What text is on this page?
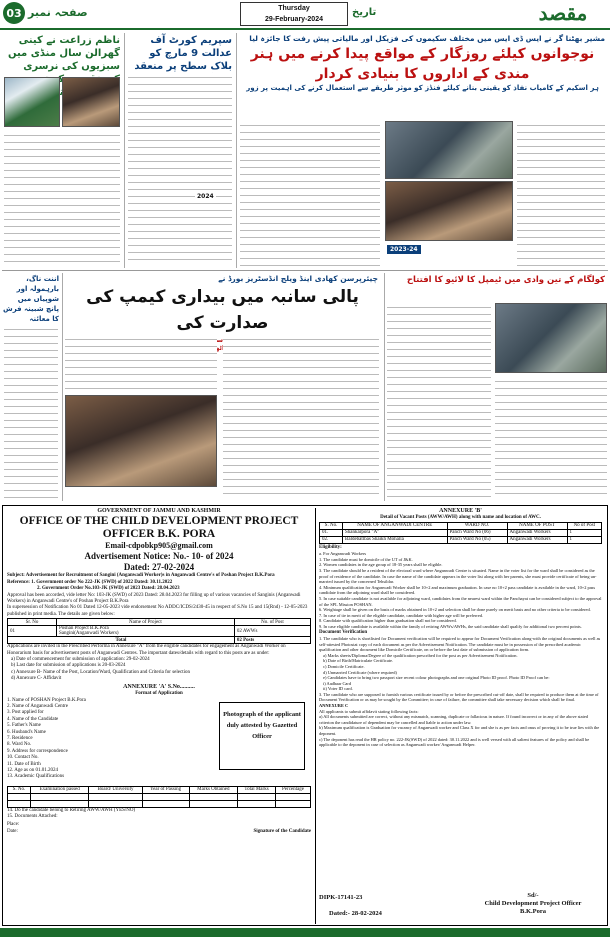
03 صفحہ نمبر	Thursday
29-February-2024
تاریخ	مقصد
ناظم زراعت نے کینی گھرالن سال منڈی میں سبزیوں کی نرسری
سپریم کورٹ آف عدالت 9 مارچ کو بلاک سطح پر منعقد
2024
مشیر بھٹنا گر نے ایس ڈی ایس میں مختلف سکیموں کی فزیکل اور مالیاتی پیش رفت کا جائزہ لیا
نوجوانوں کیلئے روزگار کے مواقع پیدا کرنے میں ہنر مندی کے اداروں کا بنیادی کردار
ہر اسکیم کے کامیاب نفاذ کو یقینی بنانے کیلئے فنڈز کو موثر طریقے سے استعمال کرنے کی اہمیت پر زور
2023-24
اننت ناگ، بارہمولہ اور شوپیاں میں پانچ شبینہ فرش کا معائنہ
چیئرپرسن کھادی اینڈ ویلج انڈسٹریز بورڈ نے
پالی سانبہ میں بیداری کیمپ کی صدارت کی
کولگام کے تین وادی میں ٹیمپل کا لائیو کا افتتاح
GOVERNMENT OF JAMMU AND KASHMIR
OFFICE OF THE CHILD DEVELOPMENT PROJECT OFFICER B.K. PORA
Email-cdpobkp905@gmail.com
Advertisement Notice: No.- 10- of 2024
Dated: 27-02-2024
Subject: Advertisement for Recruitment of Sangini (Anganwadi Worker)s in Anganwadi Centre's of Poshan Project B.K.Pora
Reference: 1. Government order No 222-JK (SWD) of 2022 Dated: 30.11.2022
2. Government Order No.103-JK (SWD) of 2023 Dated: 28.04.2023
Approval has been accorded, vide letter No: 103-JK (SWD) of 2023 Dated: 28.04.2023 for filling up of various vacancies of Sanginis (Anganwadi Workers) in Anganwadi Centre's of Poshan Project B.K.Pora
In supersession of Notification No 01 Dated 12-05-2023 vide endorsement No ADDC/ICDS/2430-45 in respect of S.No 15 and 15(Rnd) - 12-05-2023 published in print media. The details are given below:
Sr. No	Name of Project	No. of Post
01	Poshan Project B.K.Pora
Sangini(Anganwadi Workers)	02 AWWs
Total		02 Posts
Applications are invited in the Prescribed Performa in Annexure "A" from the eligible candidates for engagement as Anganwadi Worker on Honorarium basis for advertisement posts of Anganwadi Centres. The important dates/details with regard to this posts are as under:
a) Date of commencement for submission of application: 29-02-2024
b) Last date for submission of applications is 20-03-2024
c) Annexure B- Name of the Post, Location/Ward, Qualification and Criteria for selection
d) Annexure C- Affidavit
ANNEXURE 'A' S.No..........
Format of Application
1. Name of POSHAN Project B.K.Pora
2. Name of Anganwadi Centre
3. Post applied for
4. Name of the Candidate
5. Father's Name
6. Husband's Name
7. Residence
8. Ward No.
9. Address for correspondence
10. Contact No.
11. Date of Birth
12. Age as on 01.01.2024
13. Academic Qualifications
Photograph of the applicant duly attested by Gazetted Officer
S. No.	Examination passed	Board/ University	Year of Passing	Marks Obtained	Total Marks	Percentage

14. Do the candidate belong to Retiring AWW/AWH (YES/NO)
15. Documents Attached:
Place:
Date:	Signature of the Candidate
ANNEXURE 'B'
Detail of Vacant Posts (AWW/AWH) along with name and location of AWC.
S. No.	NAME OF ANGANWADI CENTRE	WARD NO.	NAME OF POST	No of Post
01.	Shankarpora "A"	Panch Ward No (06)	Anganwadi Workers	1
02.	Baldebatlbas Shaikh Mohalla	Panch Ward No (05)	Anganwadi Workers	1
Eligibility:
a. For Anganwadi Workers
1. The candidate must be domicile of the UT of J&K.
2. Women candidates in the age group of 18-35 years shall be eligible.
3. The candidate should be a resident of the electoral ward where Anganwadi Centre is situated. Name in the voter list for the ward shall be considered as the proof of residence of the candidate. In case the name of the candidate appears in the voter list along with her parents, she must provide certificate of being un-married issued by the concerned Tehsildar.
4. Minimum qualification for Anganwadi Worker shall be 10+2 and maximum graduation. In case no 10+2 pass candidate is available in the ward, 10+2 pass candidate from the adjoining ward shall be considered.
5. In case suitable candidate is not available for adjoining ward, candidates from the nearest ward within the Panchayat can be considered subject to the approval of the SPL Mission POSHAN.
6. Weightage shall be given on the basis of marks obtained in 10+2 and selection shall be done purely on merit basis and no other criteria to be considered.
7. In case of tie in merit of the eligible candidate, candidate with higher age will be preferred.
8. Candidate with qualification higher than graduation shall not be considered.
9. In case eligible candidate is available within the family of retiring AWWs/AWHs, the said candidate shall qualify for additional two percent points.
Document Verification
1. The candidate who is shortlisted for Document verification will be required to appear for Document Verification along-with the original documents as well as self-attested Photostat copy of each document as per the Advertisement Notification. The candidate must be in possession of the prescribed academic qualification and other document like Domicile Certificate, on or before the last date of submission of application form.
a) Marks sheets/Diploma/Degree of the qualification prescribed for the post as per Advertisement Notification.
b) Date of Birth/Matriculate Certificate.
c) Domicile Certificate.
d) Unmarried Certificate (where required)
e) Candidates have to bring two passport size recent colour photographs and one original Photo ID proof. Photo ID Proof can be:
i) Aadhaar Card
ii) Voter ID card.
3. The candidate who are supposed to furnish various certificate issued by or before the prescribed cut-off date, shall be required to produce them at the time of Document Verification or as may be sought by the Committee; in case of failure, the committee shall take necessary decision which shall be final.
ANNEXURE C
All applicants to submit affidavit stating following facts:
a) All documents submitted are correct, without any mismatch, scanning, duplicate or fallacious in nature. If found incorrect or in any of the above stated criterion the candidature of dependent may be cancelled and liable to action under law.
b) Maximum qualification is Graduation for vacancy of Anganwadi worker and Class X for and she is as per facts and onus of proving it to be true lies with the deponent.
c) The deponent has read the HR policy no. 222-JK(SWD) of 2022 dated: 30.11.2022 and is well versed with all salient features of the policy and shall be applicable to the deponent in case of selection as Anganwadi worker/ Anganwadi Helper.
DIPK-17141-23
Dated:- 28-02-2024
Sd/-
Child Development Project Officer
B.K.Pora
